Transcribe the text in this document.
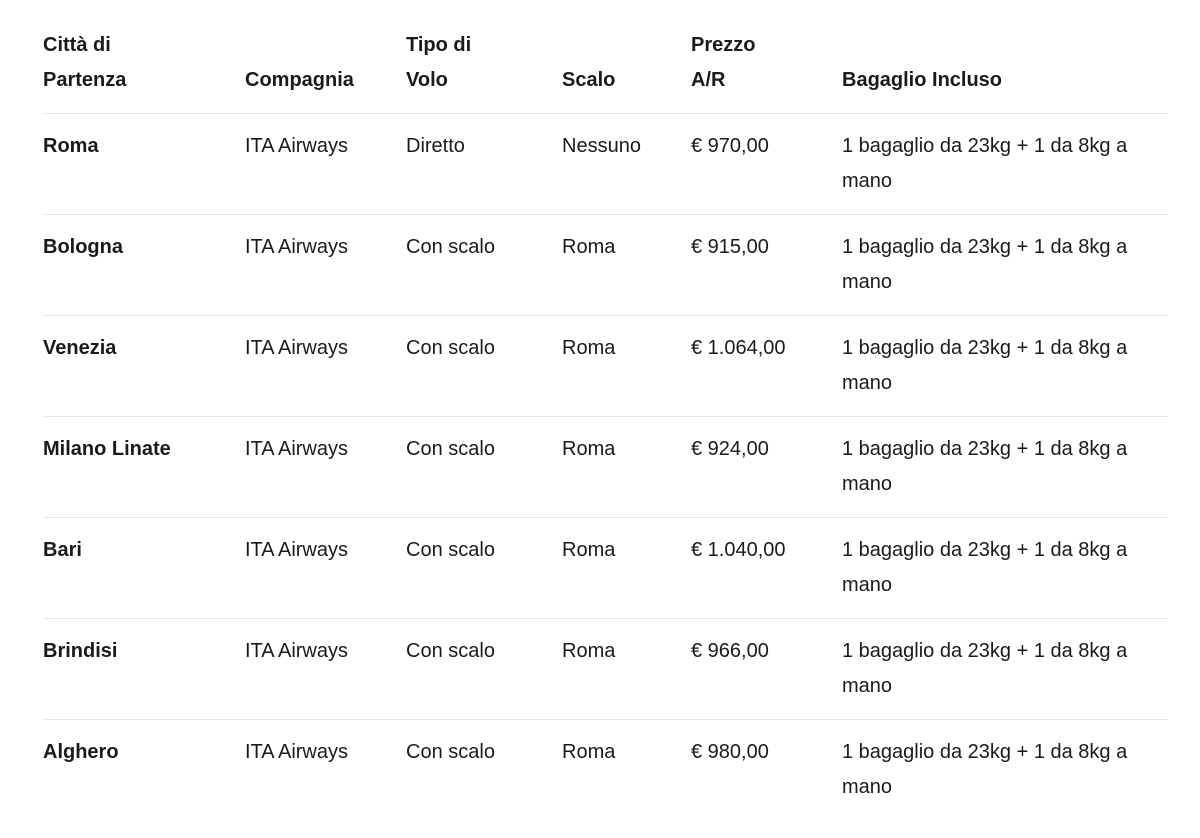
Città di Partenza	Compagnia	Tipo di Volo	Scalo	Prezzo A/R	Bagaglio Incluso
Roma	ITA Airways	Diretto	Nessuno	€ 970,00	1 bagaglio da 23kg + 1 da 8kg a mano
Bologna	ITA Airways	Con scalo	Roma	€ 915,00	1 bagaglio da 23kg + 1 da 8kg a mano
Venezia	ITA Airways	Con scalo	Roma	€ 1.064,00	1 bagaglio da 23kg + 1 da 8kg a mano
Milano Linate	ITA Airways	Con scalo	Roma	€ 924,00	1 bagaglio da 23kg + 1 da 8kg a mano
Bari	ITA Airways	Con scalo	Roma	€ 1.040,00	1 bagaglio da 23kg + 1 da 8kg a mano
Brindisi	ITA Airways	Con scalo	Roma	€ 966,00	1 bagaglio da 23kg + 1 da 8kg a mano
Alghero	ITA Airways	Con scalo	Roma	€ 980,00	1 bagaglio da 23kg + 1 da 8kg a mano
